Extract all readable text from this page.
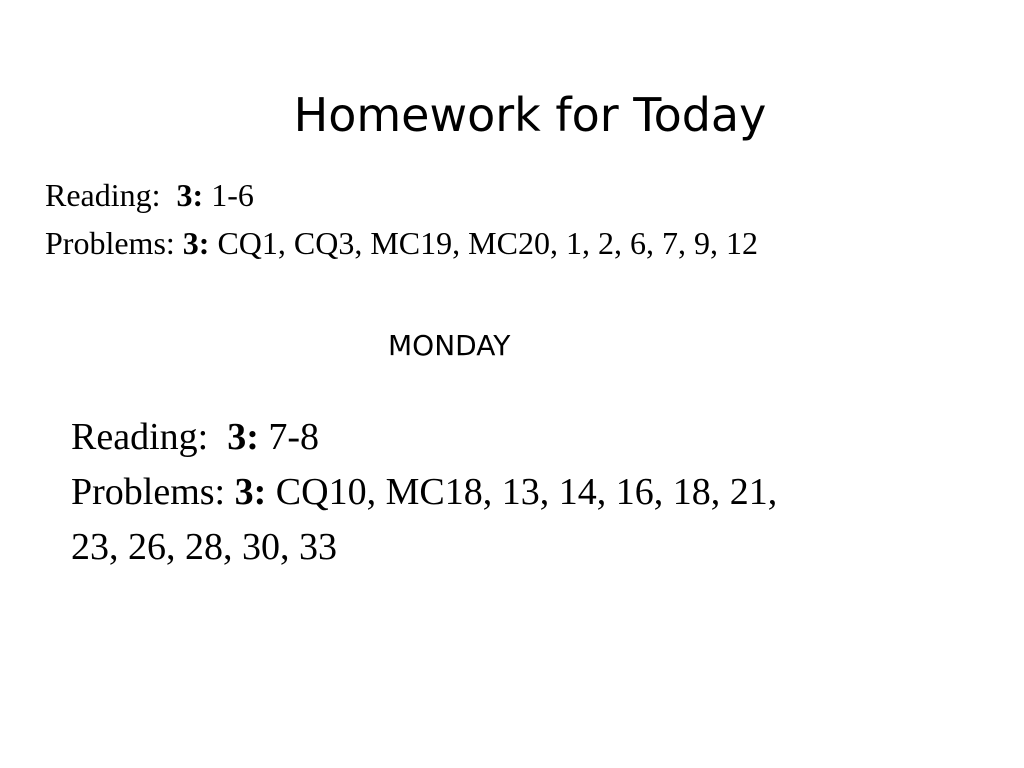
Homework for Today
Reading:  3: 1-6
Problems: 3: CQ1, CQ3, MC19, MC20, 1, 2, 6, 7, 9, 12
MONDAY
Reading:  3: 7-8
Problems: 3: CQ10, MC18, 13, 14, 16, 18, 21,
23, 26, 28, 30, 33
